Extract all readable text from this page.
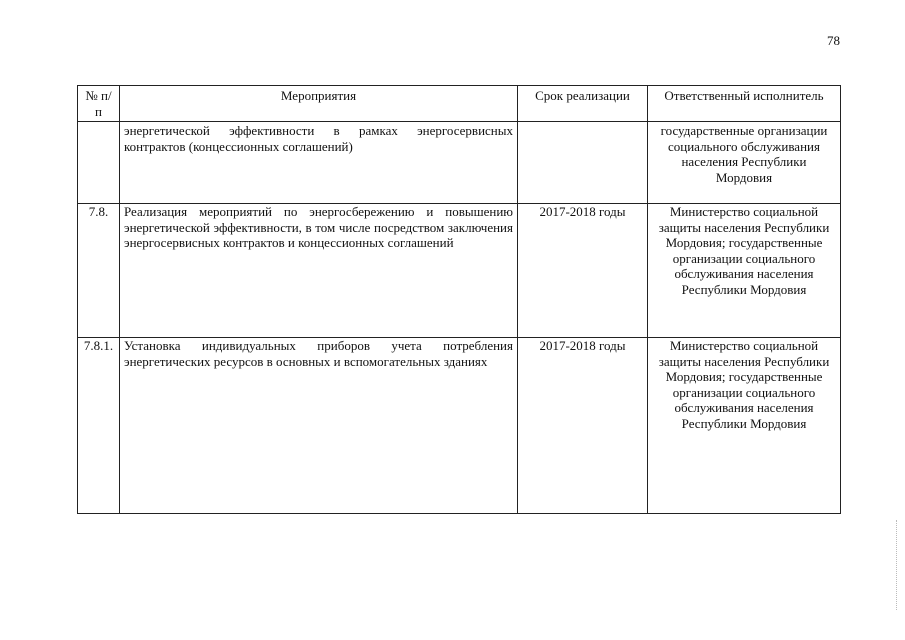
78
№ п/п	Мероприятия	Срок реализации	Ответственный исполнитель
	энергетической эффективности в рамках энергосервисных контрактов (концессионных соглашений)		государственные организации социального обслуживания населения Республики Мордовия
7.8.	Реализация мероприятий по энергосбережению и повышению энергетической эффективности, в том числе посредством заключения энергосервисных контрактов и концессионных соглашений	2017-2018 годы	Министерство социальной защиты населения Республики Мордовия; государственные организации социального обслуживания населения Республики Мордовия
7.8.1.	Установка индивидуальных приборов учета потребления энергетических ресурсов в основных и вспомогательных зданиях	2017-2018 годы	Министерство социальной защиты населения Республики Мордовия; государственные организации социального обслуживания населения Республики Мордовия
